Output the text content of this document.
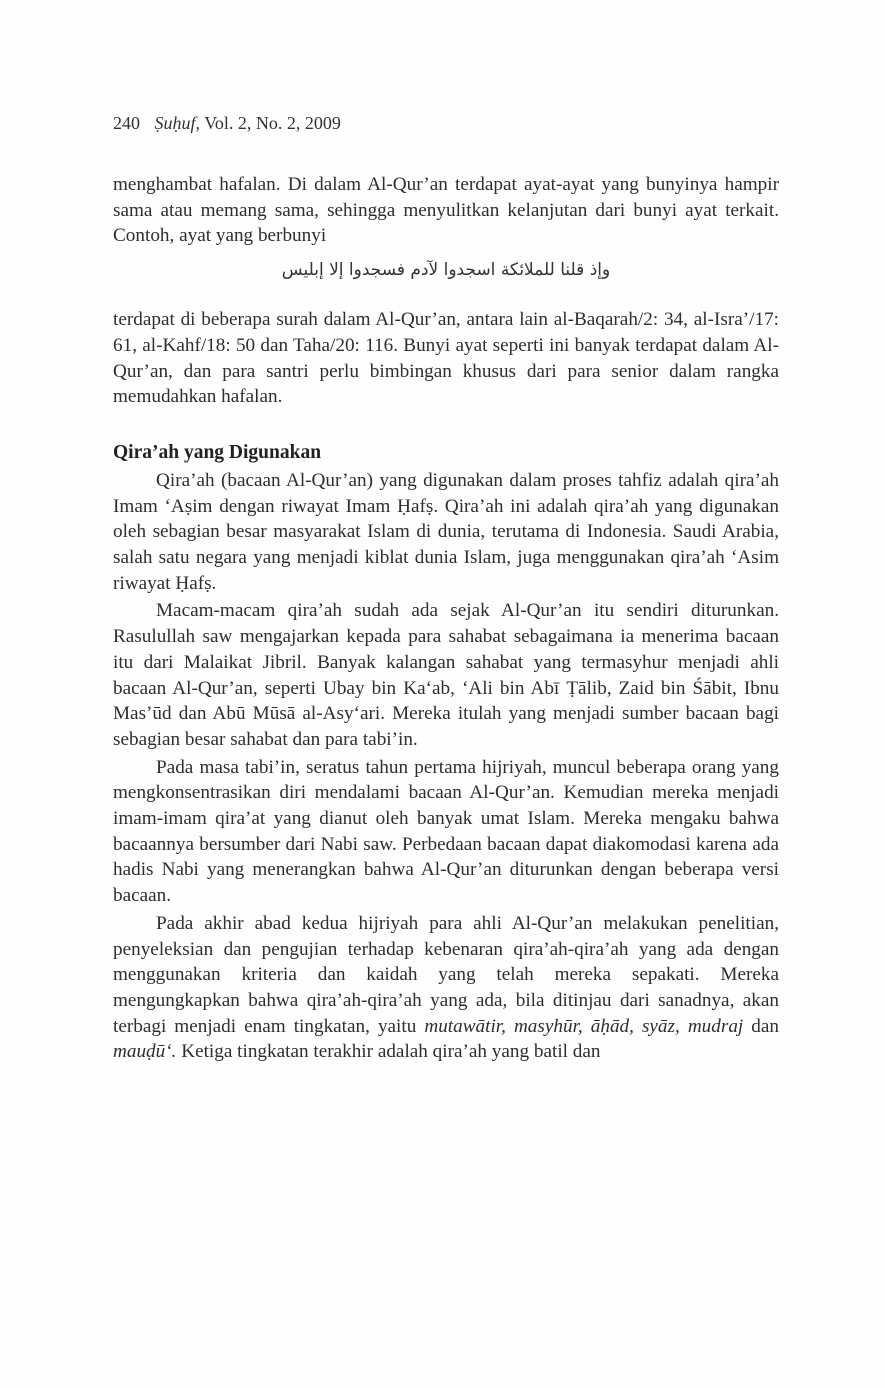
240 Ṣuḥuf, Vol. 2, No. 2, 2009

menghambat hafalan. Di dalam Al-Qur’an terdapat ayat-ayat yang bunyinya hampir sama atau memang sama, sehingga menyulitkan kelanjutan dari bunyi ayat terkait. Contoh, ayat yang berbunyi

وإذ قلنا للملائكة اسجدوا لآدم فسجدوا إلا إبليس

terdapat di beberapa surah dalam Al-Qur’an, antara lain al-Baqarah/2: 34, al-Isra’/17: 61, al-Kahf/18: 50 dan Taha/20: 116. Bunyi ayat seperti ini banyak terdapat dalam Al-Qur’an, dan para santri perlu bimbingan khusus dari para senior dalam rangka memudahkan hafalan.

Qira’ah yang Digunakan

Qira’ah (bacaan Al-Qur’an) yang digunakan dalam proses tahfiz adalah qira’ah Imam ‘Aṣim dengan riwayat Imam Ḥafṣ. Qira’ah ini adalah qira’ah yang digunakan oleh sebagian besar masyarakat Islam di dunia, terutama di Indonesia. Saudi Arabia, salah satu negara yang menjadi kiblat dunia Islam, juga menggunakan qira’ah ‘Asim riwayat Ḥafṣ.

Macam-macam qira’ah sudah ada sejak Al-Qur’an itu sendiri diturunkan. Rasulullah saw mengajarkan kepada para sahabat sebagaimana ia menerima bacaan itu dari Malaikat Jibril. Banyak kalangan sahabat yang termasyhur menjadi ahli bacaan Al-Qur’an, seperti Ubay bin Ka‘ab, ‘Ali bin Abī Ṭālib, Zaid bin Śābit, Ibnu Mas’ūd dan Abū Mūsā al-Asy‘ari. Mereka itulah yang menjadi sumber bacaan bagi sebagian besar sahabat dan para tabi’in.

Pada masa tabi’in, seratus tahun pertama hijriyah, muncul beberapa orang yang mengkonsentrasikan diri mendalami bacaan Al-Qur’an. Kemudian mereka menjadi imam-imam qira’at yang dianut oleh banyak umat Islam. Mereka mengaku bahwa bacaannya bersumber dari Nabi saw. Perbedaan bacaan dapat diakomodasi karena ada hadis Nabi yang menerangkan bahwa Al-Qur’an diturunkan dengan beberapa versi bacaan.

Pada akhir abad kedua hijriyah para ahli Al-Qur’an melakukan penelitian, penyeleksian dan pengujian terhadap kebenaran qira’ah-qira’ah yang ada dengan menggunakan kriteria dan kaidah yang telah mereka sepakati. Mereka mengungkapkan bahwa qira’ah-qira’ah yang ada, bila ditinjau dari sanadnya, akan terbagi menjadi enam tingkatan, yaitu mutawātir, masyhūr, āḥād, syāz, mudraj dan mauḍū‘. Ketiga tingkatan terakhir adalah qira’ah yang batil dan
